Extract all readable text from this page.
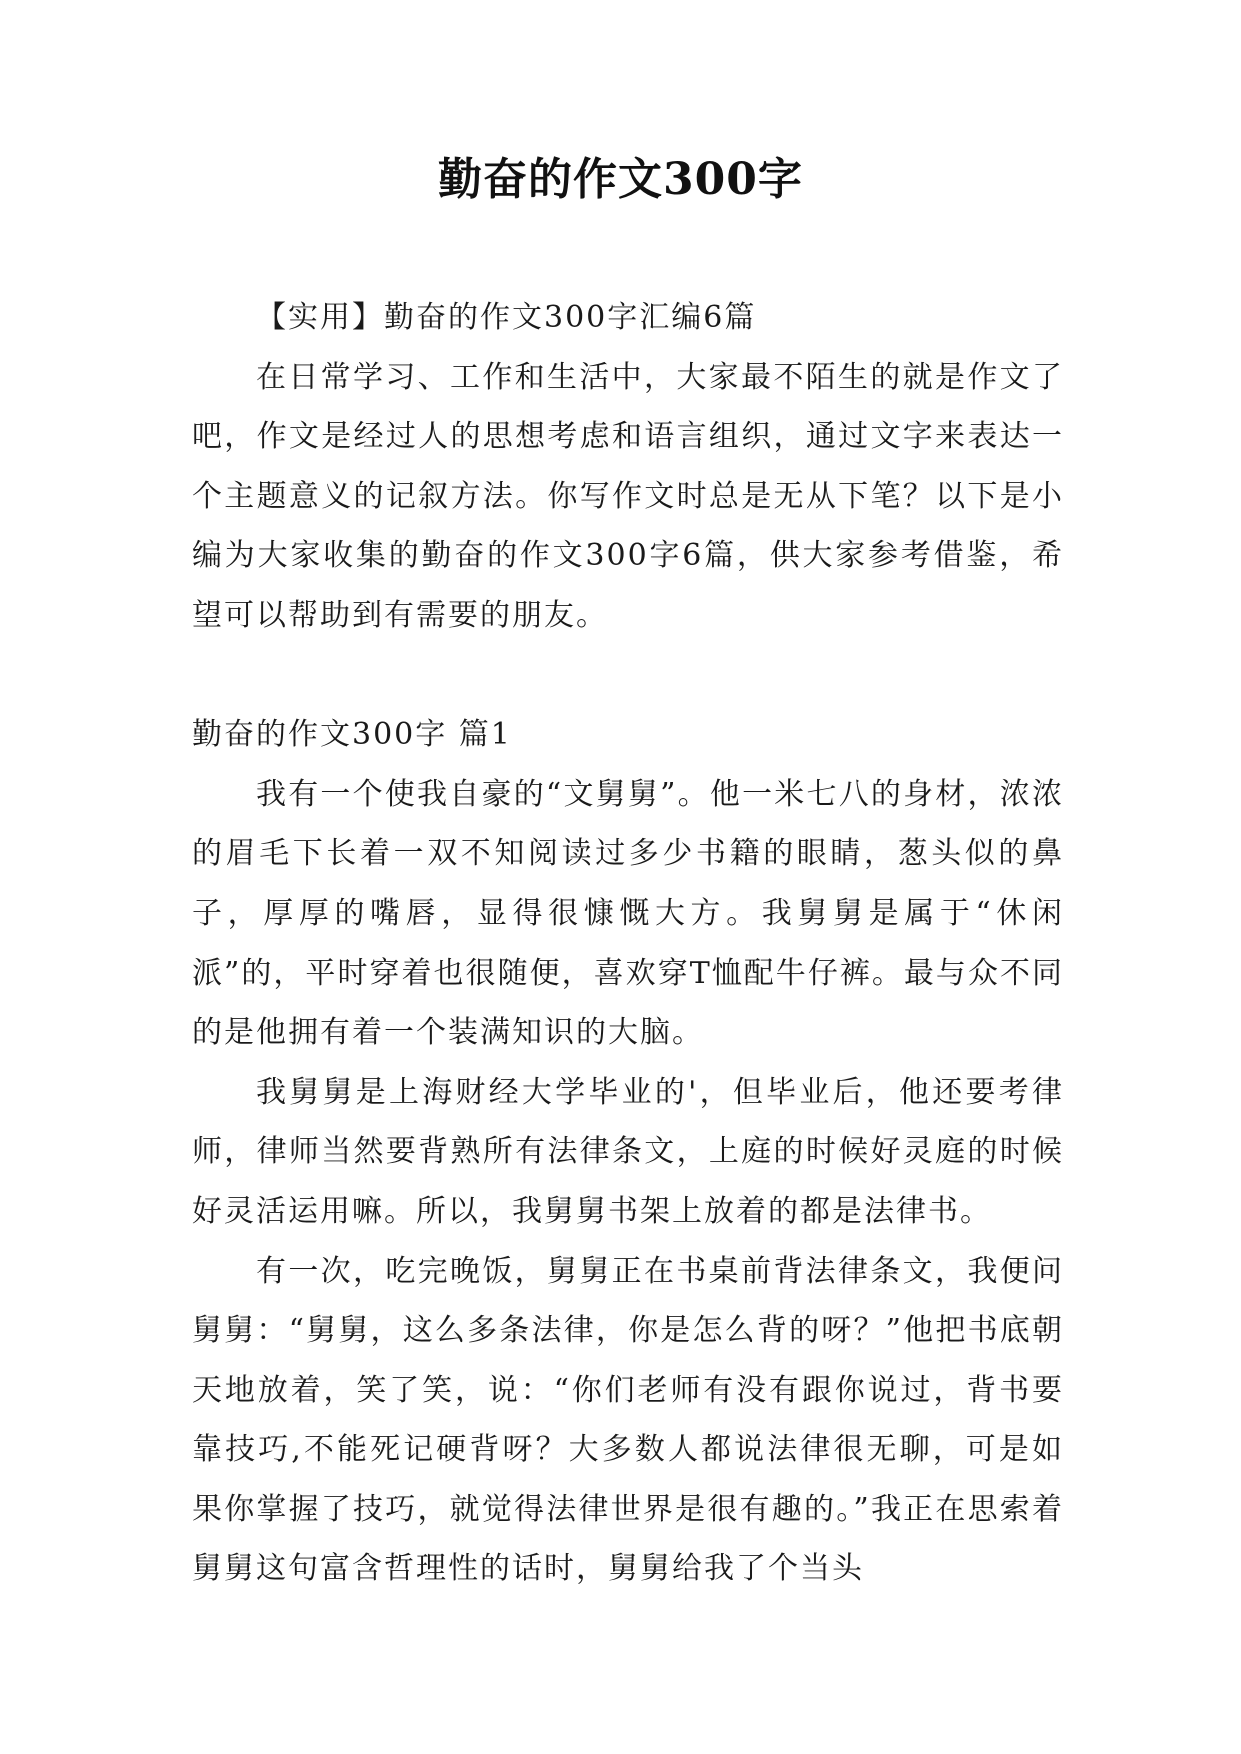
勤奋的作文300字

【实用】勤奋的作文300字汇编6篇

在日常学习、工作和生活中，大家最不陌生的就是作文了吧，作文是经过人的思想考虑和语言组织，通过文字来表达一个主题意义的记叙方法。你写作文时总是无从下笔？以下是小编为大家收集的勤奋的作文300字6篇，供大家参考借鉴，希望可以帮助到有需要的朋友。

勤奋的作文300字 篇1

我有一个使我自豪的“文舅舅”。他一米七八的身材，浓浓的眉毛下长着一双不知阅读过多少书籍的眼睛，葱头似的鼻子，厚厚的嘴唇，显得很慷慨大方。我舅舅是属于“休闲派”的，平时穿着也很随便，喜欢穿T恤配牛仔裤。最与众不同的是他拥有着一个装满知识的大脑。

我舅舅是上海财经大学毕业的'，但毕业后，他还要考律师，律师当然要背熟所有法律条文，上庭的时候好灵庭的时候好灵活运用嘛。所以，我舅舅书架上放着的都是法律书。

有一次，吃完晚饭，舅舅正在书桌前背法律条文，我便问舅舅：“舅舅，这么多条法律，你是怎么背的呀？”他把书底朝天地放着，笑了笑，说：“你们老师有没有跟你说过，背书要靠技巧,不能死记硬背呀？大多数人都说法律很无聊，可是如果你掌握了技巧，就觉得法律世界是很有趣的。”我正在思索着舅舅这句富含哲理性的话时，舅舅给我了个当头
